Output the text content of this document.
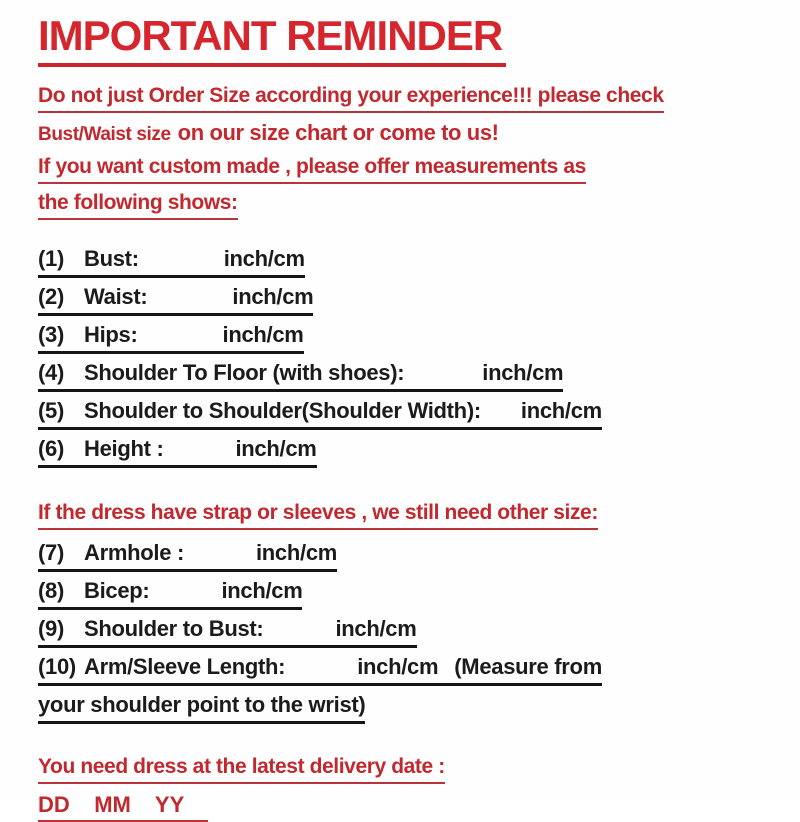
IMPORTANT REMINDER
Do not just Order Size according your experience!!! please check
Bust/Waist size on our size chart or come to us!
If you want custom made , please offer measurements as
the following shows:
(1) Bust:	inch/cm
(2) Waist:	inch/cm
(3) Hips:	inch/cm
(4) Shoulder To Floor (with shoes):	inch/cm
(5) Shoulder to Shoulder(Shoulder Width): inch/cm
(6) Height :	inch/cm
If the dress have strap or sleeves , we still need other size:
(7) Armhole :	inch/cm
(8) Bicep:	inch/cm
(9) Shoulder to Bust:	inch/cm
(10) Arm/Sleeve Length:	inch/cm (Measure from
your shoulder point to the wrist)
You need dress at the latest delivery date :
DD    MM    YY
